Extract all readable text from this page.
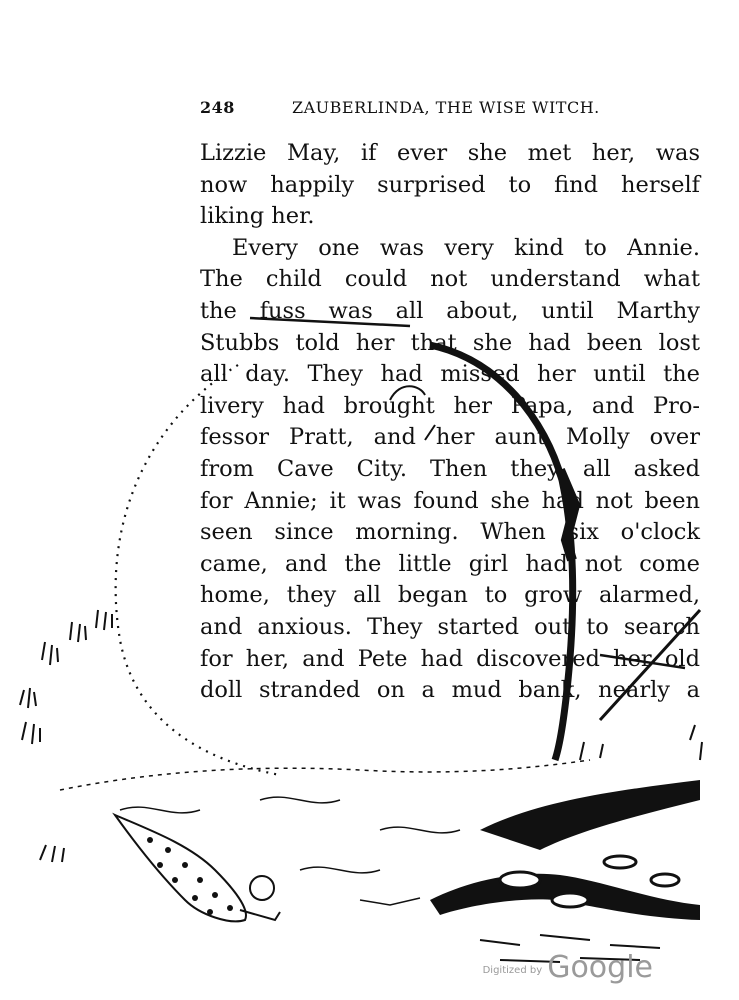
248	ZAUBERLINDA, THE WISE WITCH.
Lizzie May, if ever she met her, was
now happily surprised to find herself
liking her.
Every one was very kind to Annie.
The child could not understand what
the fuss was all about, until Marthy
Stubbs told her that she had been lost
all day. They had missed her until the
livery had brought her Papa, and Pro-
fessor Pratt, and her aunt Molly over
from Cave City. Then they all asked
for Annie; it was found she had not been
seen since morning. When six o'clock
came, and the little girl had not come
home, they all began to grow alarmed,
and anxious. They started out to search
for her, and Pete had discovered her old
doll stranded on a mud bank, nearly a
$^{Digitized by}$ Google
